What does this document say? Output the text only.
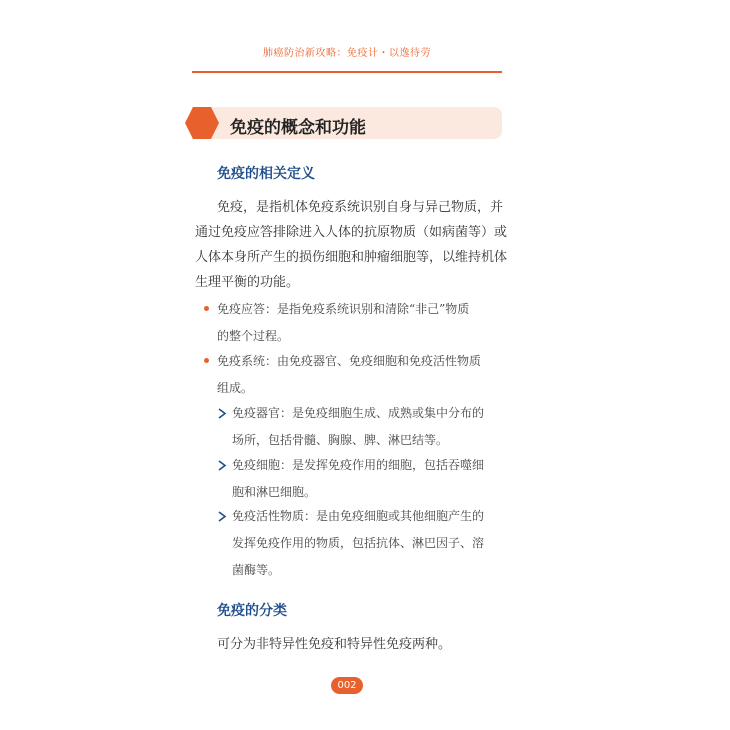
肺癌防治新攻略：免疫计・以逸待劳
免疫的概念和功能
免疫的相关定义
免疫，是指机体免疫系统识别自身与异己物质，并
通过免疫应答排除进入人体的抗原物质（如病菌等）或
人体本身所产生的损伤细胞和肿瘤细胞等，以维持机体
生理平衡的功能。
免疫应答：是指免疫系统识别和清除“非己”物质
的整个过程。
免疫系统：由免疫器官、免疫细胞和免疫活性物质
组成。
免疫器官：是免疫细胞生成、成熟或集中分布的
场所，包括骨髓、胸腺、脾、淋巴结等。
免疫细胞：是发挥免疫作用的细胞，包括吞噬细
胞和淋巴细胞。
免疫活性物质：是由免疫细胞或其他细胞产生的
发挥免疫作用的物质，包括抗体、淋巴因子、溶
菌酶等。
免疫的分类
可分为非特异性免疫和特异性免疫两种。
002
